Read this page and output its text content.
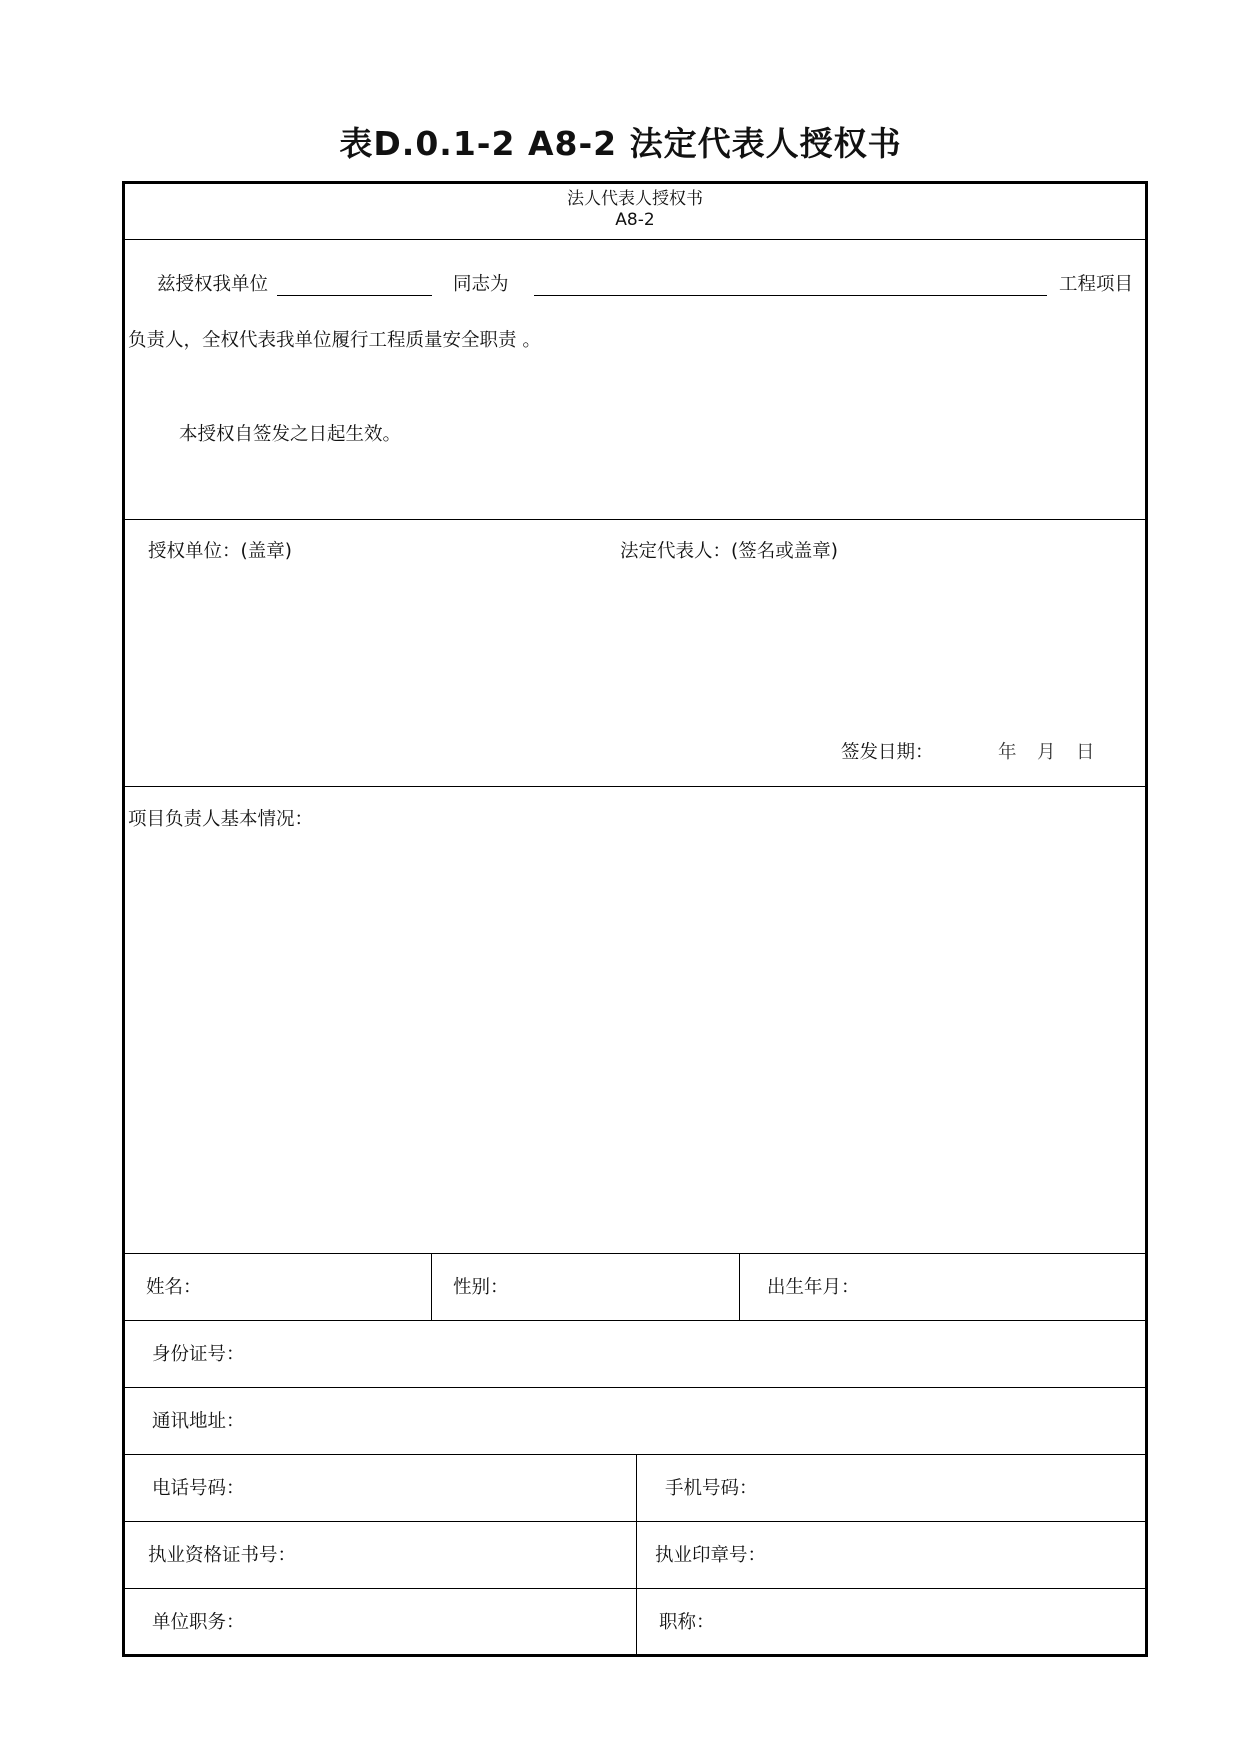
表D.0.1-2 A8-2 法定代表人授权书
法人代表人授权书
A8-2
兹授权我单位	同志为	工程项目
负责人，全权代表我单位履行工程质量安全职责 。
本授权自签发之日起生效。
授权单位：(盖章)	法定代表人：(签名或盖章)
签发日期：	年 月 日
项目负责人基本情况：
姓名：	性别：	出生年月：
身份证号：
通讯地址：
电话号码：	手机号码：
执业资格证书号：	执业印章号：
单位职务：	职称：
